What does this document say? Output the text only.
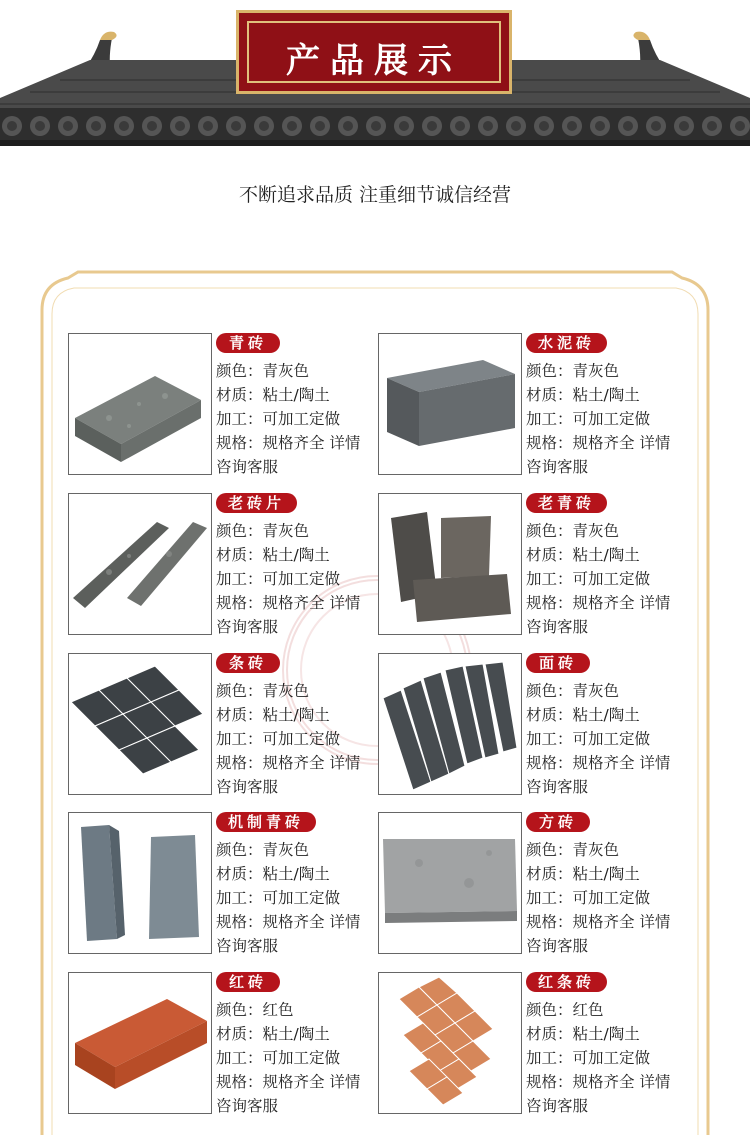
产品展示
不断追求品质 注重细节诚信经营
青砖
颜色：青灰色
材质：粘土/陶土
加工：可加工定做
规格：规格齐全 详情
咨询客服
水泥砖
颜色：青灰色
材质：粘土/陶土
加工：可加工定做
规格：规格齐全 详情
咨询客服
老砖片
颜色：青灰色
材质：粘土/陶土
加工：可加工定做
规格：规格齐全 详情
咨询客服
老青砖
颜色：青灰色
材质：粘土/陶土
加工：可加工定做
规格：规格齐全 详情
咨询客服
条砖
颜色：青灰色
材质：粘土/陶土
加工：可加工定做
规格：规格齐全 详情
咨询客服
面砖
颜色：青灰色
材质：粘土/陶土
加工：可加工定做
规格：规格齐全 详情
咨询客服
机制青砖
颜色：青灰色
材质：粘土/陶土
加工：可加工定做
规格：规格齐全 详情
咨询客服
方砖
颜色：青灰色
材质：粘土/陶土
加工：可加工定做
规格：规格齐全 详情
咨询客服
红砖
颜色：红色
材质：粘土/陶土
加工：可加工定做
规格：规格齐全 详情
咨询客服
红条砖
颜色：红色
材质：粘土/陶土
加工：可加工定做
规格：规格齐全 详情
咨询客服
